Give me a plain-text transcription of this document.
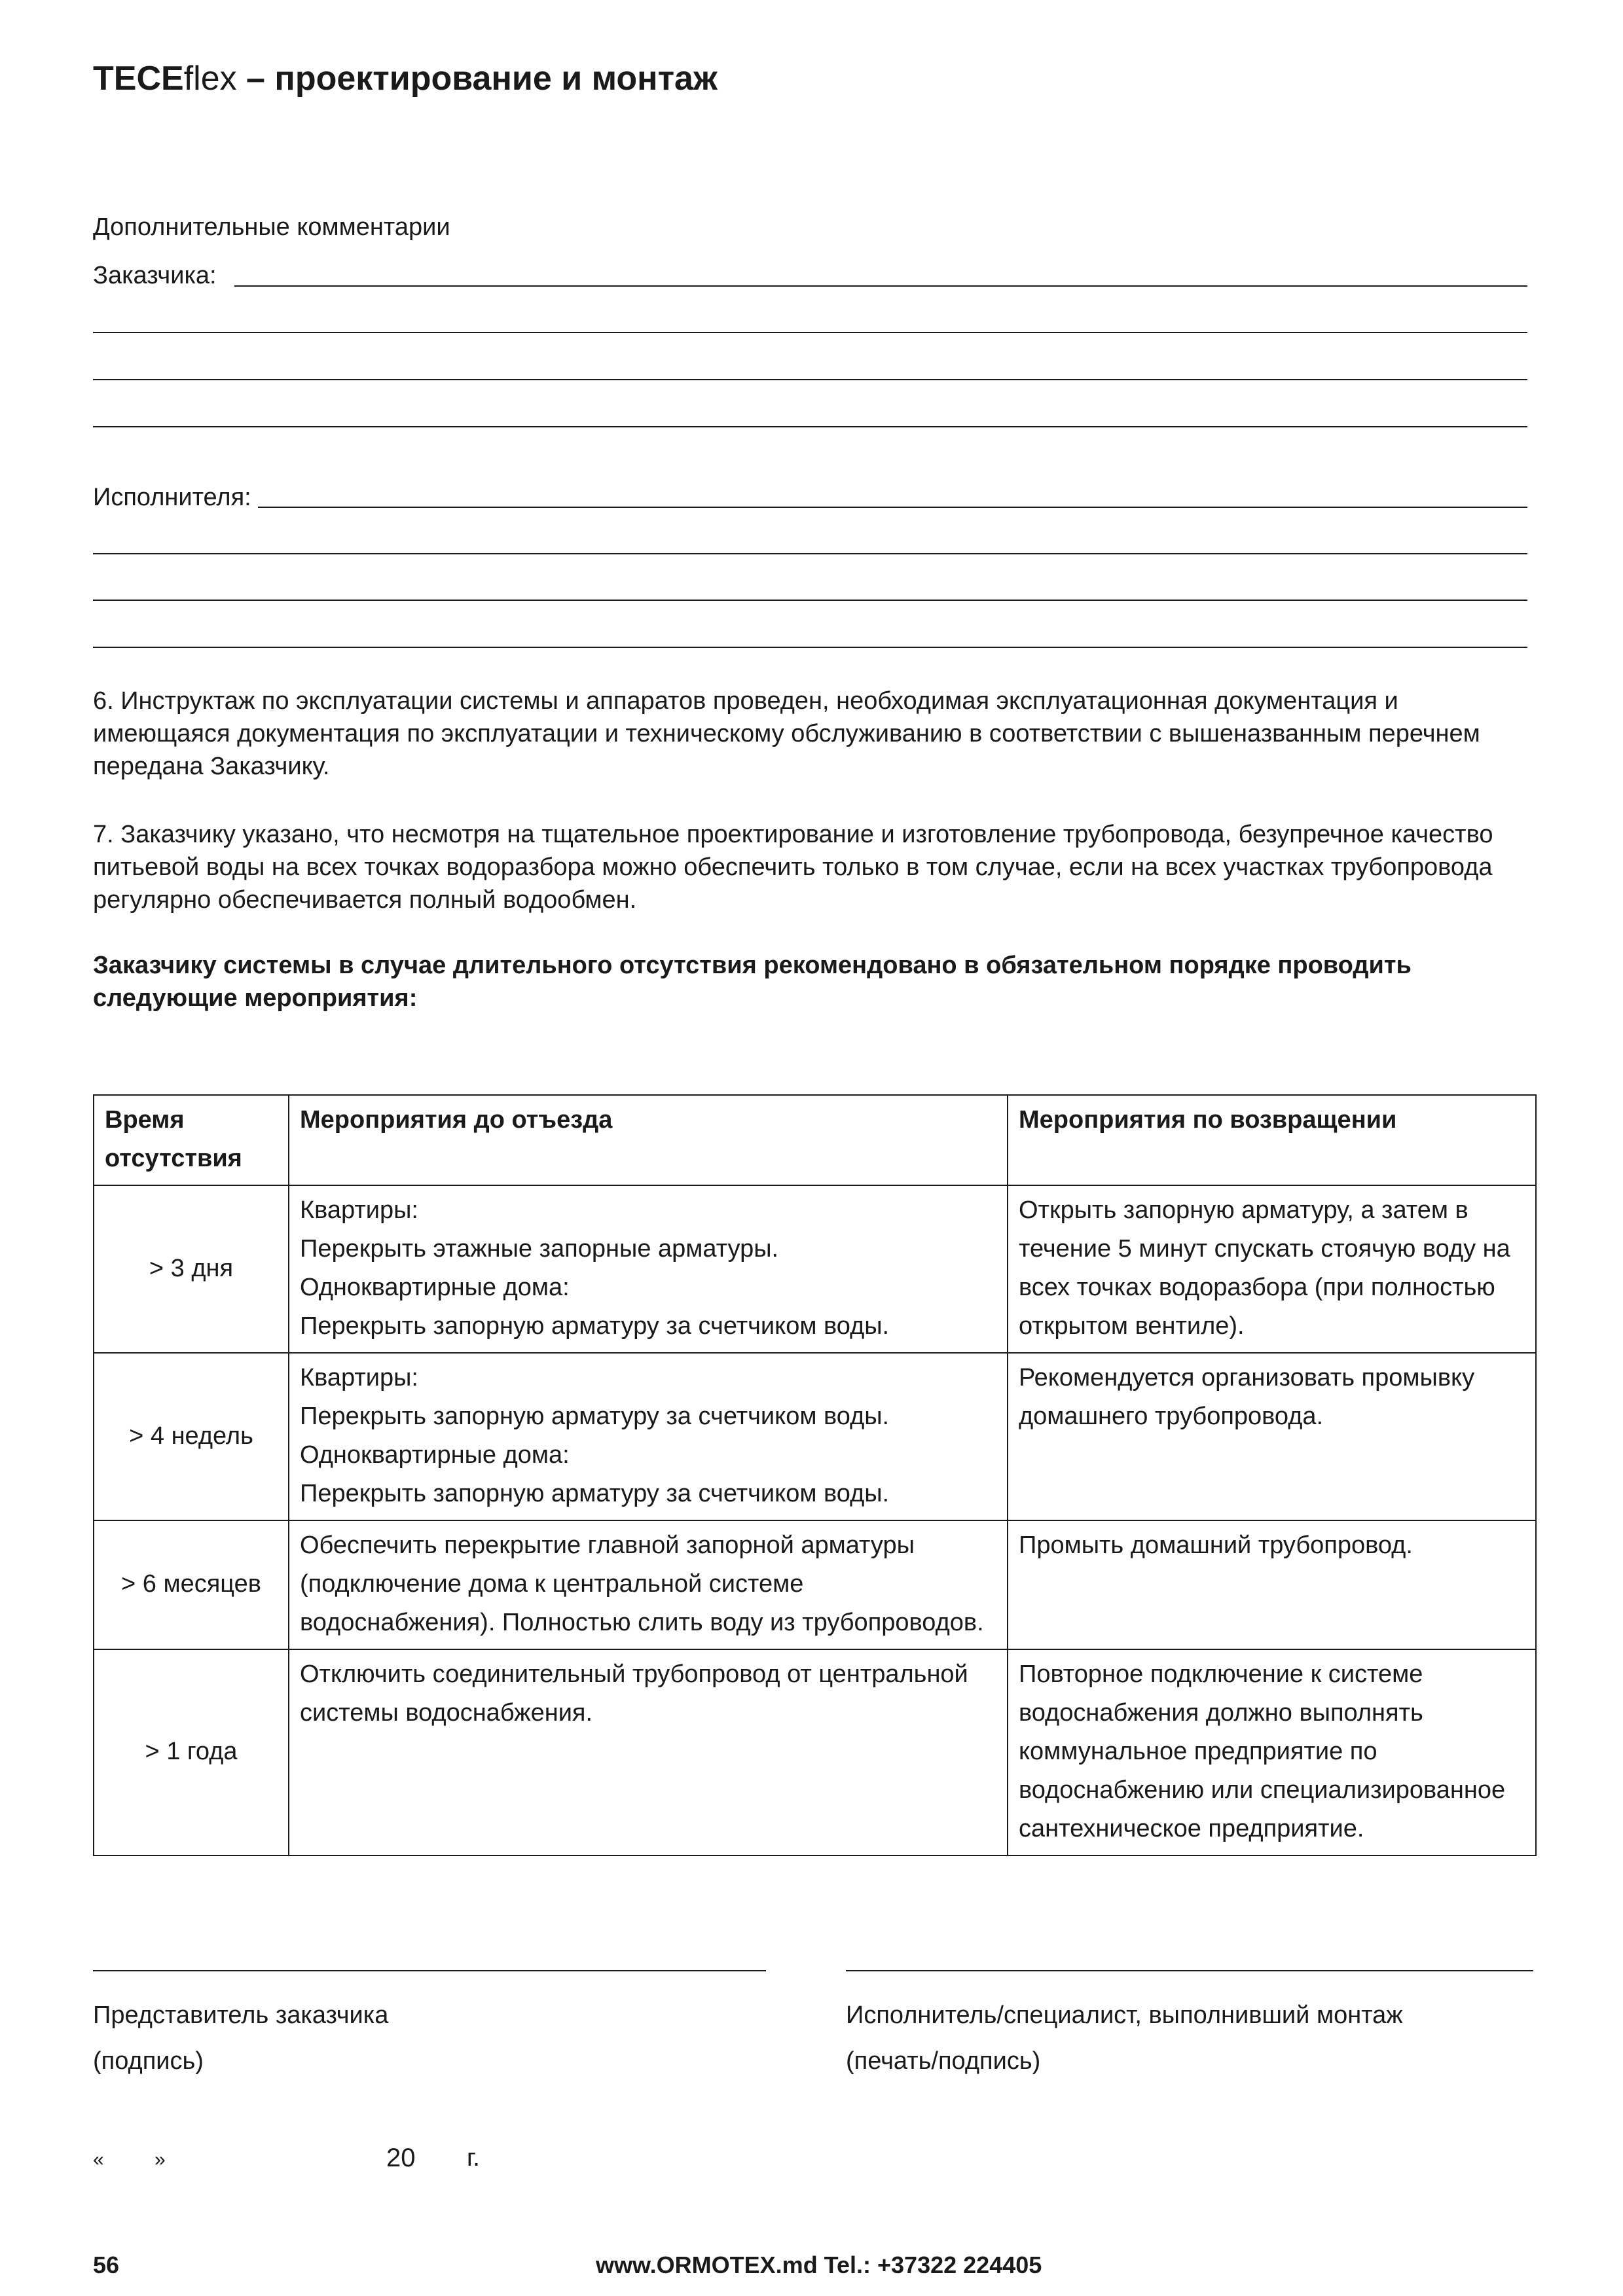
TECEflex – проектирование и монтаж
Дополнительные комментарии
Заказчика:
Исполнителя:
6. Инструктаж по эксплуатации системы и аппаратов проведен, необходимая эксплуатационная документация и имеющаяся документация по эксплуатации и техническому обслуживанию в соответствии с вышеназванным перечнем передана Заказчику.
7. Заказчику указано, что несмотря на тщательное проектирование и изготовление трубопровода, безупречное качество питьевой воды на всех точках водоразбора можно обеспечить только в том случае, если на всех участках трубопровода регулярно обеспечивается полный водообмен.
Заказчику системы в случае длительного отсутствия рекомендовано в обязательном порядке проводить следующие мероприятия:
Время отсутствия	Мероприятия до отъезда	Мероприятия по возвращении
> 3 дня	Квартиры:
Перекрыть этажные запорные арматуры.
Одноквартирные дома:
Перекрыть запорную арматуру за счетчиком воды.	Открыть запорную арматуру, а затем в течение 5 минут спускать стоячую воду на всех точках водоразбора (при полностью открытом вентиле).
> 4 недель	Квартиры:
Перекрыть запорную арматуру за счетчиком воды.
Одноквартирные дома:
Перекрыть запорную арматуру за счетчиком воды.	Рекомендуется организовать промывку домашнего трубопровода.
> 6 месяцев	Обеспечить перекрытие главной запорной арматуры (подключение дома к центральной системе водоснабжения). Полностью слить воду из трубопроводов.	Промыть домашний трубопровод.
> 1 года	Отключить соединительный трубопровод от центральной системы водоснабжения.	Повторное подключение к системе водоснабжения должно выполнять коммунальное предприятие по водоснабжению или специализированное сантехническое предприятие.
Представитель заказчика
(подпись)
Исполнитель/специалист, выполнивший монтаж
(печать/подпись)
«	»	20 г.
56	www.ORMOTEX.md Tel.: +37322 224405
